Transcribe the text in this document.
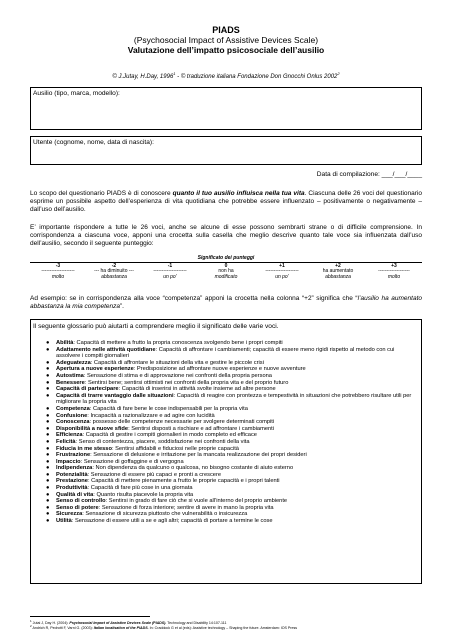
PIADS
(Psychosocial Impact of Assistive Devices Scale)
Valutazione dell’impatto psicosociale dell’ausilio
© J.Jutay, H.Day, 1996$^1$ - © traduzione italiana Fondazione Don Gnocchi Onlus 2002$^2$
Ausilio (tipo, marca, modello):
Utente (cognome, nome, data di nascita):
Data di compilazione: ___/___/____
Lo scopo del questionario PIADS è di conoscere quanto il tuo ausilio influisca nella tua vita. Ciascuna delle 26 voci del questionario esprime un possibile aspetto dell’esperienza di vita quotidiana che potrebbe essere influenzato – positivamente o negativamente – dall’uso dell’ausilio.
E’ importante rispondere a tutte le 26 voci, anche se alcune di esse possono sembrarti strane o di difficile comprensione. In corrispondenza a ciascuna voce, apponi una crocetta sulla casella che meglio descrive quanto tale voce sia influenzata dall’uso dell’ausilio, secondo il seguente punteggio:
Significato dei punteggi
-3	-2	-1	0	+1	+2	+3
--------------------	--- ha diminuito ---	--------------------	non ha	--------------------	ha aumentato	-------------------
molto	abbastanza	un po’	modificato	un po’	abbastanza	molto
Ad esempio: se in corrispondenza alla voce “competenza” apponi la crocetta nella colonna “+2” significa che “l’ausilio ha aumentato abbastanza la mia competenza”.
Il seguente glossario può aiutarti a comprendere meglio il significato delle varie voci.
● Abilità: Capacità di mettere a frutto la propria conoscenza svolgendo bene i propri compiti
● Adattamento nelle attività quotidiane: Capacità di affrontare i cambiamenti; capacità di essere meno rigidi rispetto al metodo con cui assolvere i compiti giornalieri
● Adeguatezza: Capacità di affrontare le situazioni della vita e gestire le piccole crisi
● Apertura a nuove esperienze: Predisposizione ad affrontare nuove esperienze e nuove avventure
● Autostima: Sensazione di stima e di approvazione nei confronti della propria persona
● Benessere: Sentirsi bene; sentirsi ottimisti nei confronti della propria vita e del proprio futuro
● Capacità di partecipare: Capacità di inserirsi in attività svolte insieme ad altre persone
● Capacità di trarre vantaggio dalle situazioni: Capacità di reagire con prontezza e tempestività in situazioni che potrebbero risultare utili per migliorare la propria vita
● Competenza: Capacità di fare bene le cose indispensabili per la propria vita
● Confusione: Incapacità a razionalizzare e ad agire con lucidità
● Conoscenza: possesso delle competenze necessarie per svolgere determinati compiti
● Disponibilità a nuove sfide: Sentirsi disposti a rischiare e ad affrontare i cambiamenti
● Efficienza: Capacità di gestire i compiti giornalieri in modo completo ed efficace
● Felicità: Senso di contentezza, piacere, soddisfazione nei confronti della vita
● Fiducia in me stesso: Sentirsi affidabili e fiduciosi nelle proprie capacità
● Frustrazione: Sensazione di delusione e irritazione per la mancata realizzazione dei propri desideri
● Impaccio: Sensazione di goffaggine e di vergogna
● Indipendenza: Non dipendenza da qualcuno o qualcosa, no bisogno costante di aiuto esterno
● Potenzialità: Sensazione di essere più capaci e pronti a crescere
● Prestazione: Capacità di mettere pienamente a frutto le proprie capacità e i propri talenti
● Produttività: Capacità di fare più cose in una giornata
● Qualità di vita: Quanto risulta piacevole la propria vita
● Senso di controllo: Sentirsi in grado di fare ciò che si vuole all’interno del proprio ambiente
● Senso di potere: Sensazione di forza interiore; sentire di avere in mano la propria vita
● Sicurezza: Sensazione di sicurezza piuttosto che vulnerabilità o insicurezza
● Utilità: Sensazione di essere utili a se e agli altri; capacità di portare a termine le cose
$^1$ Jutai J, Day H. (2004): Psychosocial Impact of Assistive Devices Scale (PIADS). Technology and Disability 14:107-111
$^2$ Andrich R, Pedrotti F, Varni G. (2003): Italian localisation of the PIADS. In: Craddock G et al (eds): Assistive technology – Shaping the future. Amsterdam: IOS Press
